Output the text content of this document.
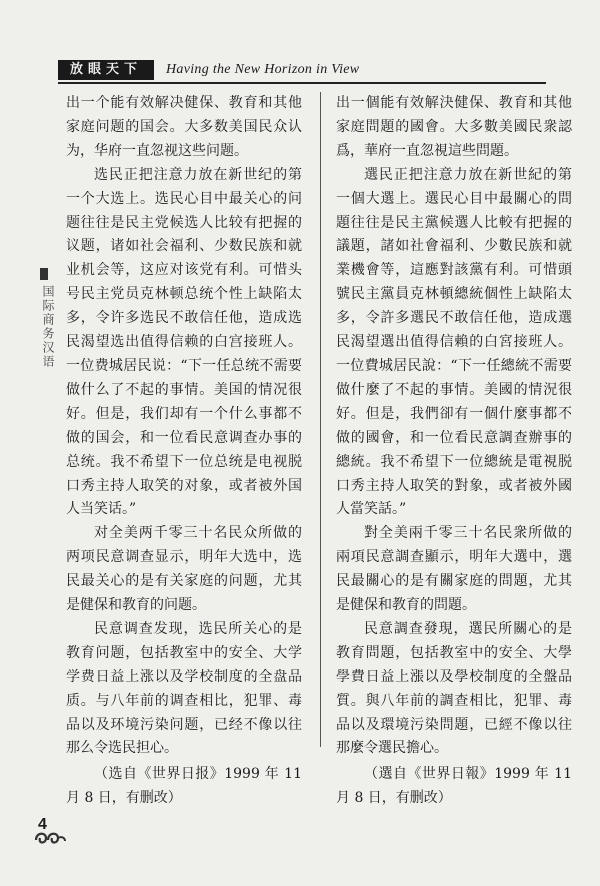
放眼天下	Having the New Horizon in View
国际商务汉语

出一个能有效解决健保、教育和其他家庭问题的国会。大多数美国民众认为，华府一直忽视这些问题。

选民正把注意力放在新世纪的第一个大选上。选民心目中最关心的问题往往是民主党候选人比较有把握的议题，诸如社会福利、少数民族和就业机会等，这应对该党有利。可惜头号民主党员克林顿总统个性上缺陷太多，令许多选民不敢信任他，造成选民渴望选出值得信赖的白宫接班人。一位费城居民说：“下一任总统不需要做什么了不起的事情。美国的情况很好。但是，我们却有一个什么事都不做的国会，和一位看民意调查办事的总统。我不希望下一位总统是电视脱口秀主持人取笑的对象，或者被外国人当笑话。”

对全美两千零三十名民众所做的两项民意调查显示，明年大选中，选民最关心的是有关家庭的问题，尤其是健保和教育的问题。

民意调查发现，选民所关心的是教育问题，包括教室中的安全、大学学费日益上涨以及学校制度的全盘品质。与八年前的调查相比，犯罪、毒品以及环境污染问题，已经不像以往那么令选民担心。

（选自《世界日报》1999 年 11 月 8 日，有删改）

出一個能有效解決健保、教育和其他家庭問題的國會。大多數美國民衆認爲，華府一直忽視這些問題。

選民正把注意力放在新世紀的第一個大選上。選民心目中最關心的問題往往是民主黨候選人比較有把握的議題，諸如社會福利、少數民族和就業機會等，這應對該黨有利。可惜頭號民主黨員克林頓總統個性上缺陷太多，令許多選民不敢信任他，造成選民渴望選出值得信賴的白宮接班人。一位費城居民說：“下一任總統不需要做什麼了不起的事情。美國的情況很好。但是，我們卻有一個什麼事都不做的國會，和一位看民意調查辦事的總統。我不希望下一位總統是電視脱口秀主持人取笑的對象，或者被外國人當笑話。”

對全美兩千零三十名民衆所做的兩項民意調查顯示，明年大選中，選民最關心的是有關家庭的問題，尤其是健保和教育的問題。

民意調查發現，選民所關心的是教育問題，包括教室中的安全、大學學費日益上漲以及學校制度的全盤品質。與八年前的調查相比，犯罪、毒品以及環境污染問題，已經不像以往那麼令選民擔心。

（選自《世界日報》1999 年 11 月 8 日，有删改）

4
